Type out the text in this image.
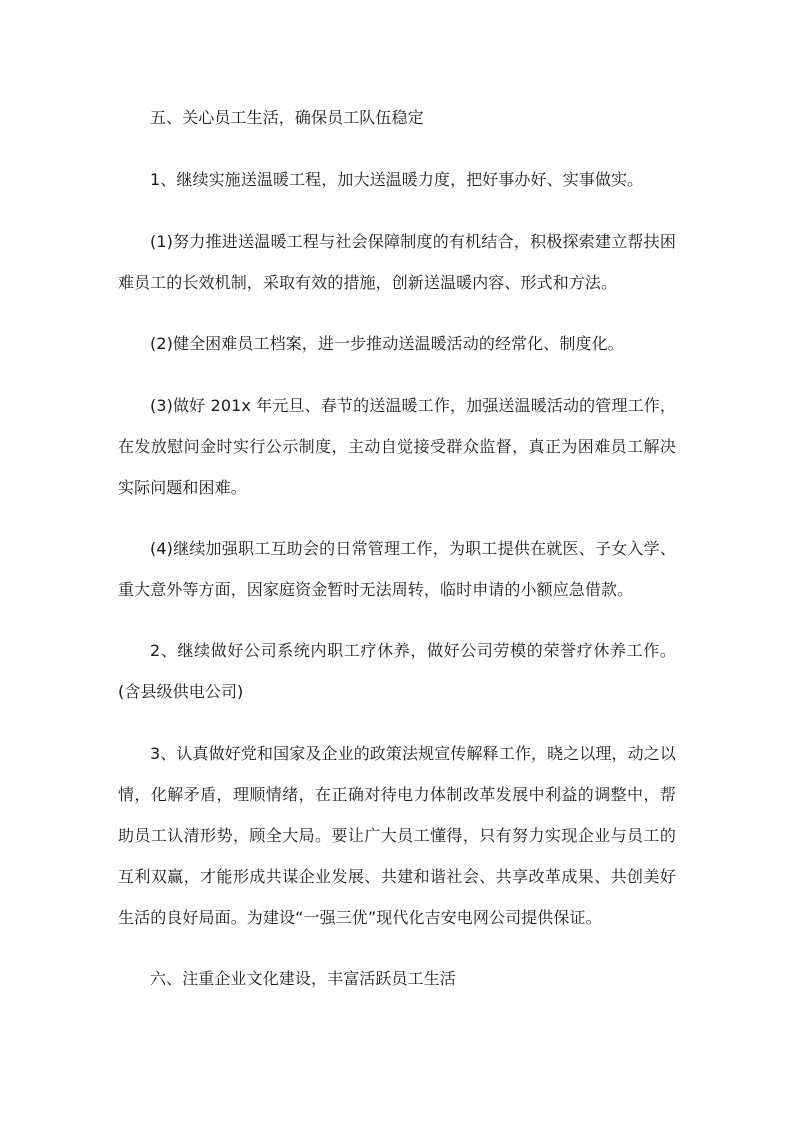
五、关心员工生活，确保员工队伍稳定

1、继续实施送温暖工程，加大送温暖力度，把好事办好、实事做实。

(1)努力推进送温暖工程与社会保障制度的有机结合，积极探索建立帮扶困难员工的长效机制，采取有效的措施，创新送温暖内容、形式和方法。

(2)健全困难员工档案，进一步推动送温暖活动的经常化、制度化。

(3)做好 201x 年元旦、春节的送温暖工作，加强送温暖活动的管理工作，在发放慰问金时实行公示制度，主动自觉接受群众监督，真正为困难员工解决实际问题和困难。

(4)继续加强职工互助会的日常管理工作，为职工提供在就医、子女入学、重大意外等方面，因家庭资金暂时无法周转，临时申请的小额应急借款。

2、继续做好公司系统内职工疗休养，做好公司劳模的荣誉疗休养工作。(含县级供电公司)

3、认真做好党和国家及企业的政策法规宣传解释工作，晓之以理，动之以情，化解矛盾，理顺情绪，在正确对待电力体制改革发展中利益的调整中，帮助员工认清形势，顾全大局。要让广大员工懂得，只有努力实现企业与员工的互利双赢，才能形成共谋企业发展、共建和谐社会、共享改革成果、共创美好生活的良好局面。为建设“一强三优”现代化吉安电网公司提供保证。

六、注重企业文化建设，丰富活跃员工生活
